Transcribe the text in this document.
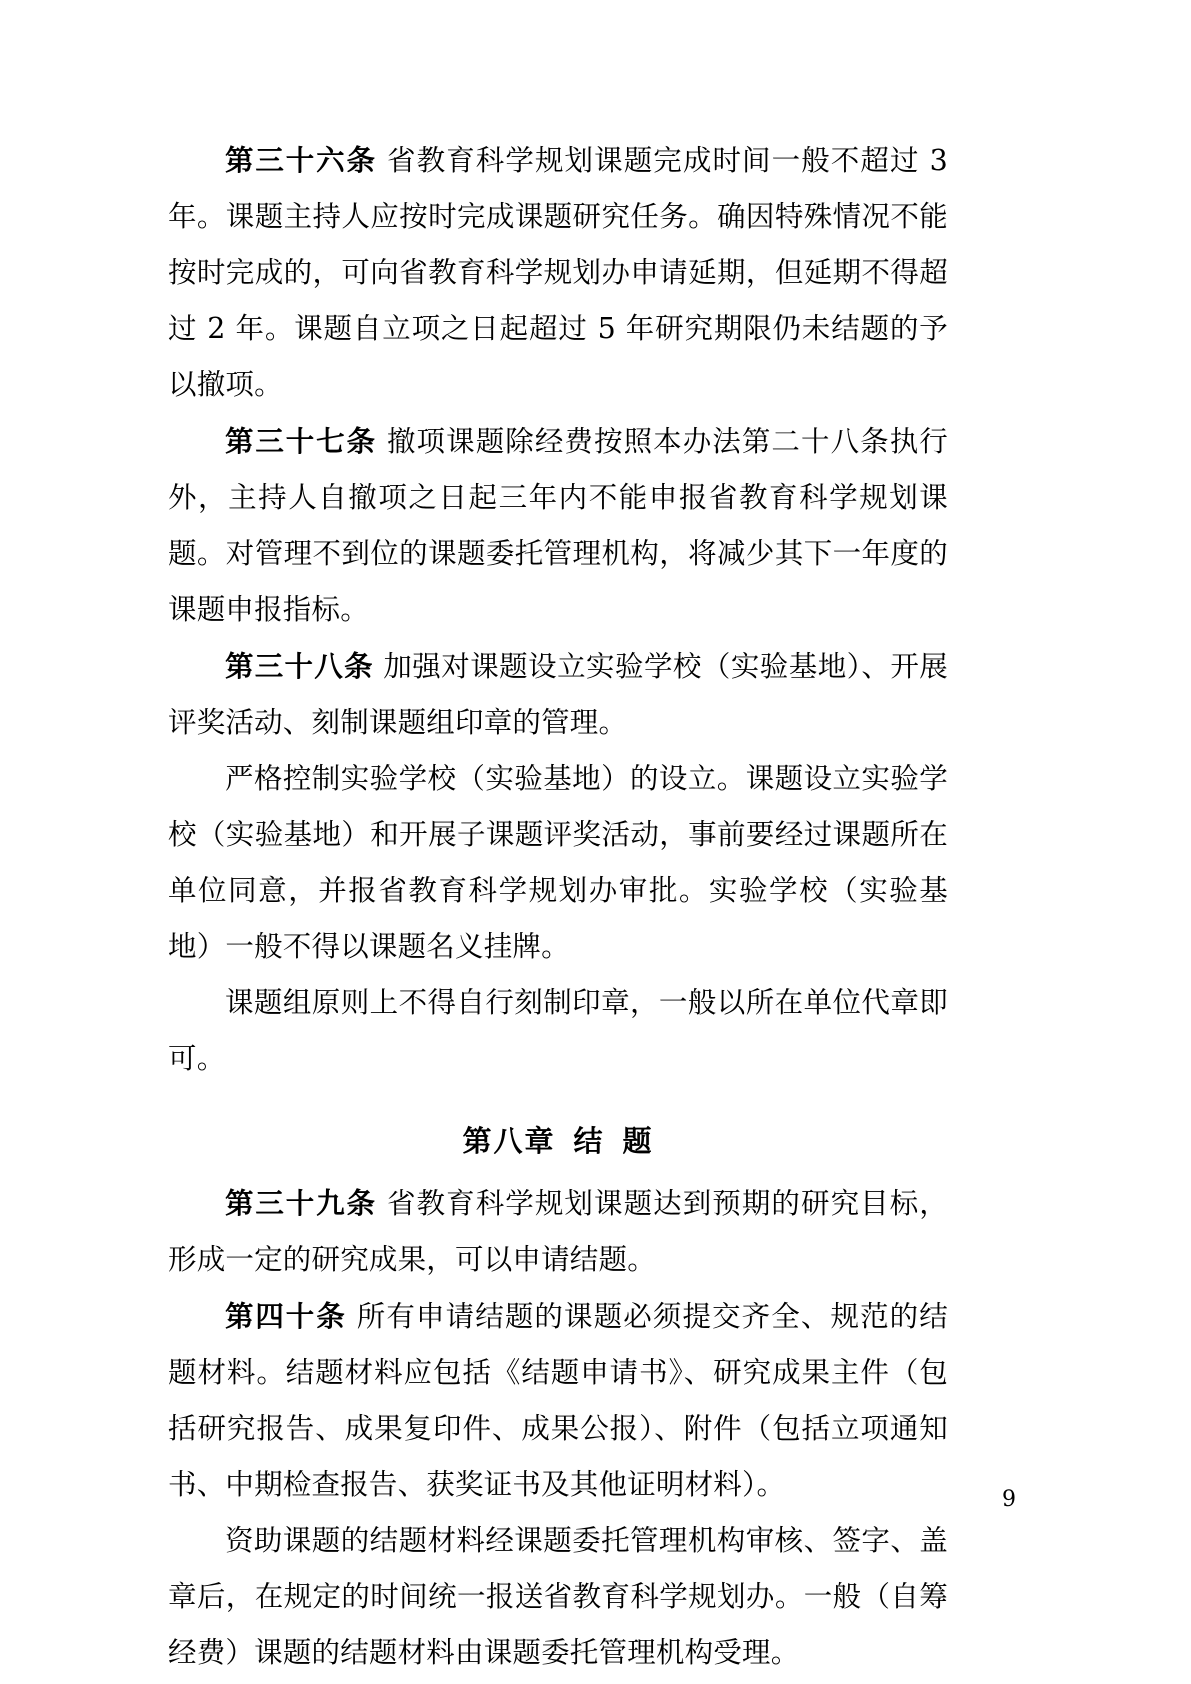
第三十六条 省教育科学规划课题完成时间一般不超过 3 年。课题主持人应按时完成课题研究任务。确因特殊情况不能按时完成的，可向省教育科学规划办申请延期，但延期不得超过 2 年。课题自立项之日起超过 5 年研究期限仍未结题的予以撤项。

第三十七条 撤项课题除经费按照本办法第二十八条执行外，主持人自撤项之日起三年内不能申报省教育科学规划课题。对管理不到位的课题委托管理机构，将减少其下一年度的课题申报指标。

第三十八条 加强对课题设立实验学校（实验基地）、开展评奖活动、刻制课题组印章的管理。

严格控制实验学校（实验基地）的设立。课题设立实验学校（实验基地）和开展子课题评奖活动，事前要经过课题所在单位同意，并报省教育科学规划办审批。实验学校（实验基地）一般不得以课题名义挂牌。

课题组原则上不得自行刻制印章，一般以所在单位代章即可。

第八章 结 题

第三十九条 省教育科学规划课题达到预期的研究目标，形成一定的研究成果，可以申请结题。

第四十条 所有申请结题的课题必须提交齐全、规范的结题材料。结题材料应包括《结题申请书》、研究成果主件（包括研究报告、成果复印件、成果公报）、附件（包括立项通知书、中期检查报告、获奖证书及其他证明材料）。

资助课题的结题材料经课题委托管理机构审核、签字、盖章后，在规定的时间统一报送省教育科学规划办。一般（自筹经费）课题的结题材料由课题委托管理机构受理。

9
